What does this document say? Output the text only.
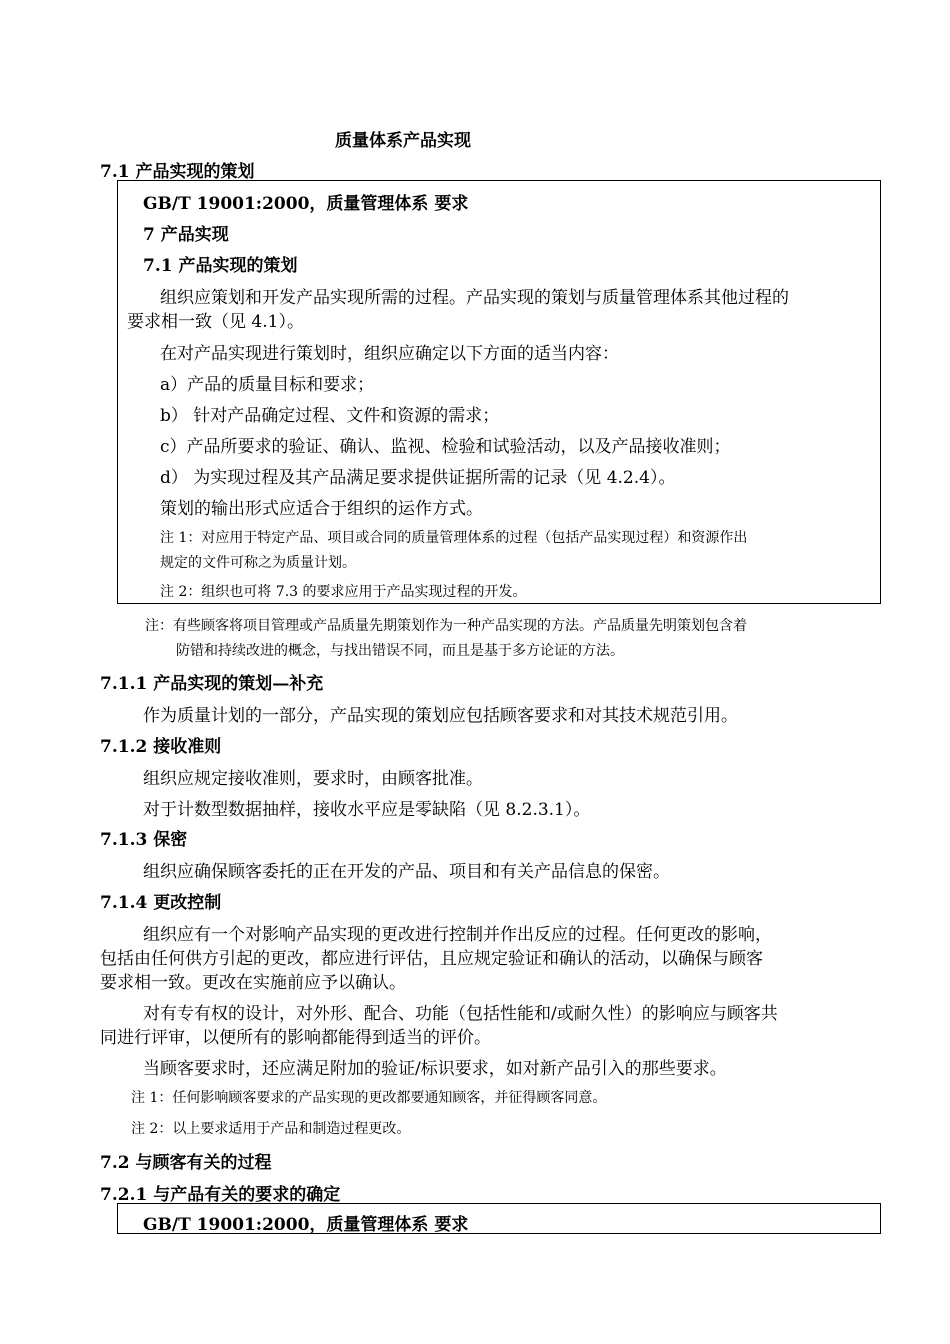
质量体系产品实现
7.1 产品实现的策划
GB/T 19001:2000，质量管理体系 要求
7 产品实现
7.1 产品实现的策划
组织应策划和开发产品实现所需的过程。产品实现的策划与质量管理体系其他过程的
要求相一致（见 4.1）。
在对产品实现进行策划时，组织应确定以下方面的适当内容：
a）产品的质量目标和要求；
b） 针对产品确定过程、文件和资源的需求；
c）产品所要求的验证、确认、监视、检验和试验活动，以及产品接收准则；
d） 为实现过程及其产品满足要求提供证据所需的记录（见 4.2.4）。
策划的输出形式应适合于组织的运作方式。
注 1：对应用于特定产品、项目或合同的质量管理体系的过程（包括产品实现过程）和资源作出
规定的文件可称之为质量计划。
注 2：组织也可将 7.3 的要求应用于产品实现过程的开发。
注：有些顾客将项目管理或产品质量先期策划作为一种产品实现的方法。产品质量先明策划包含着
防错和持续改进的概念，与找出错误不同，而且是基于多方论证的方法。
7.1.1 产品实现的策划—补充
作为质量计划的一部分，产品实现的策划应包括顾客要求和对其技术规范引用。
7.1.2 接收准则
组织应规定接收准则，要求时，由顾客批准。
对于计数型数据抽样，接收水平应是零缺陷（见 8.2.3.1）。
7.1.3 保密
组织应确保顾客委托的正在开发的产品、项目和有关产品信息的保密。
7.1.4 更改控制
组织应有一个对影响产品实现的更改进行控制并作出反应的过程。任何更改的影响，
包括由任何供方引起的更改，都应进行评估，且应规定验证和确认的活动，以确保与顾客
要求相一致。更改在实施前应予以确认。
对有专有权的设计，对外形、配合、功能（包括性能和/或耐久性）的影响应与顾客共
同进行评审，以便所有的影响都能得到适当的评价。
当顾客要求时，还应满足附加的验证/标识要求，如对新产品引入的那些要求。
注 1：任何影响顾客要求的产品实现的更改都要通知顾客，并征得顾客同意。
注 2：以上要求适用于产品和制造过程更改。
7.2 与顾客有关的过程
7.2.1 与产品有关的要求的确定
GB/T 19001:2000，质量管理体系 要求
